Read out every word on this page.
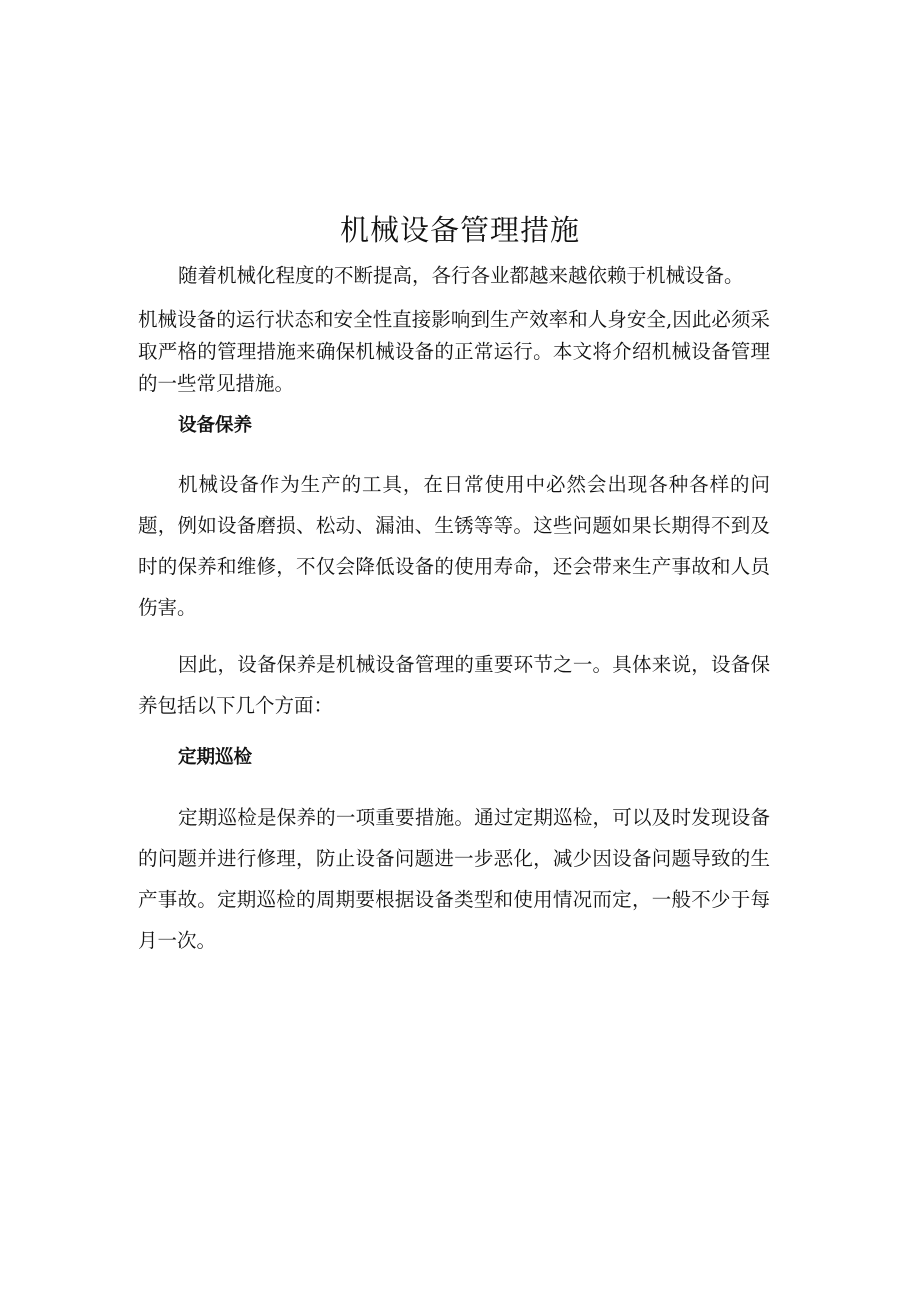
机械设备管理措施

随着机械化程度的不断提高，各行各业都越来越依赖于机械设备。

机械设备的运行状态和安全性直接影响到生产效率和人身安全,因此必须采取严格的管理措施来确保机械设备的正常运行。本文将介绍机械设备管理的一些常见措施。

设备保养

机械设备作为生产的工具，在日常使用中必然会出现各种各样的问题，例如设备磨损、松动、漏油、生锈等等。这些问题如果长期得不到及时的保养和维修，不仅会降低设备的使用寿命，还会带来生产事故和人员伤害。

因此，设备保养是机械设备管理的重要环节之一。具体来说，设备保养包括以下几个方面：

定期巡检

定期巡检是保养的一项重要措施。通过定期巡检，可以及时发现设备的问题并进行修理，防止设备问题进一步恶化，减少因设备问题导致的生产事故。定期巡检的周期要根据设备类型和使用情况而定，一般不少于每月一次。
